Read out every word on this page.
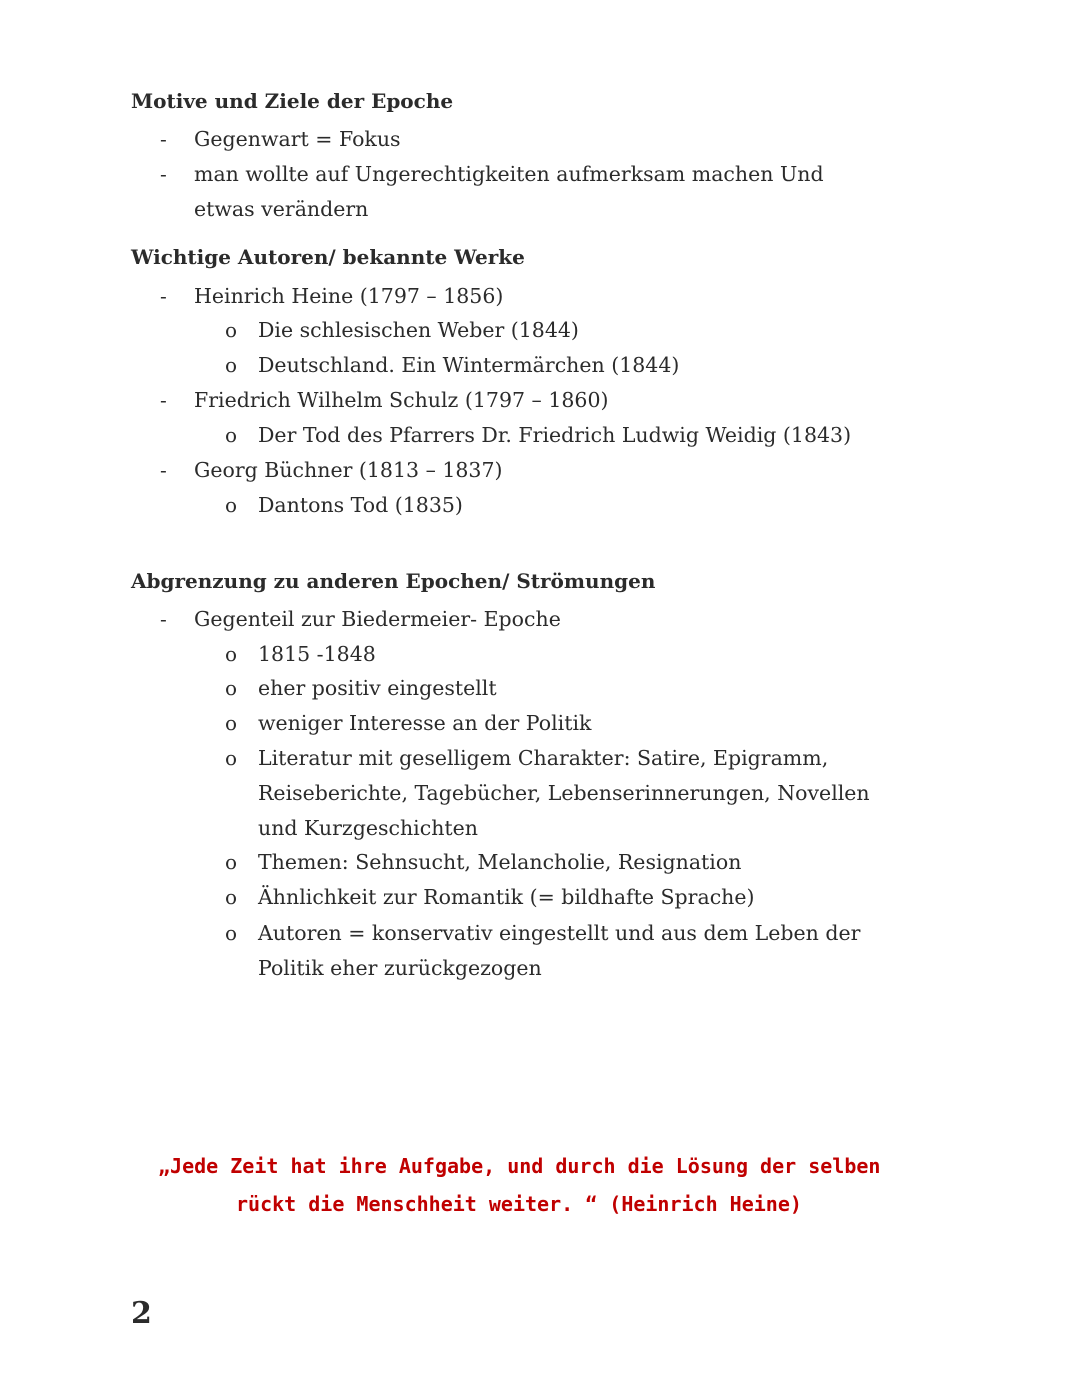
Motive und Ziele der Epoche
- Gegenwart = Fokus

- man wollte auf Ungerechtigkeiten aufmerksam machen Und etwas verändern

Wichtige Autoren/ bekannte Werke
- Heinrich Heine (1797 – 1856)

o Die schlesischen Weber (1844)

o Deutschland. Ein Wintermärchen (1844)

- Friedrich Wilhelm Schulz (1797 – 1860)

o Der Tod des Pfarrers Dr. Friedrich Ludwig Weidig (1843)

- Georg Büchner (1813 – 1837)

o Dantons Tod (1835)

Abgrenzung zu anderen Epochen/ Strömungen
- Gegenteil zur Biedermeier- Epoche

o 1815 -1848

o eher positiv eingestellt

o weniger Interesse an der Politik

o Literatur mit geselligem Charakter: Satire, Epigramm, Reiseberichte, Tagebücher, Lebenserinnerungen, Novellen und Kurzgeschichten

o Themen: Sehnsucht, Melancholie, Resignation

o Ähnlichkeit zur Romantik (= bildhafte Sprache)

o Autoren = konservativ eingestellt und aus dem Leben der Politik eher zurückgezogen

„Jede Zeit hat ihre Aufgabe, und durch die Lösung der selben

rückt die Menschheit weiter. “ (Heinrich Heine)

2
